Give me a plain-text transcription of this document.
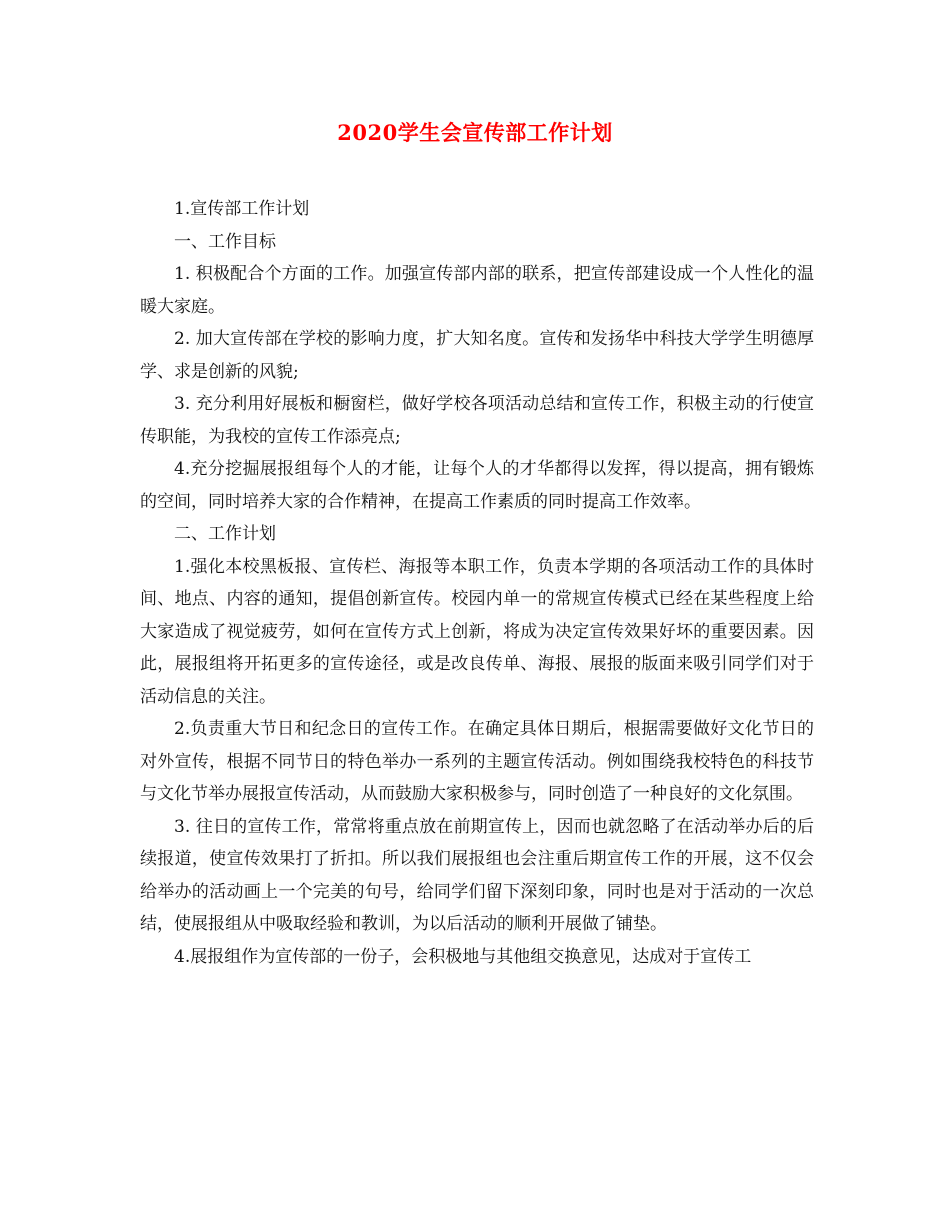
2020学生会宣传部工作计划

1.宣传部工作计划

一、工作目标

1. 积极配合个方面的工作。加强宣传部内部的联系，把宣传部建设成一个人性化的温暖大家庭。

2. 加大宣传部在学校的影响力度，扩大知名度。宣传和发扬华中科技大学学生明德厚学、求是创新的风貌;

3. 充分利用好展板和橱窗栏，做好学校各项活动总结和宣传工作，积极主动的行使宣传职能，为我校的宣传工作添亮点;

4.充分挖掘展报组每个人的才能，让每个人的才华都得以发挥，得以提高，拥有锻炼的空间，同时培养大家的合作精神，在提高工作素质的同时提高工作效率。

二、工作计划

1.强化本校黑板报、宣传栏、海报等本职工作，负责本学期的各项活动工作的具体时间、地点、内容的通知，提倡创新宣传。校园内单一的常规宣传模式已经在某些程度上给大家造成了视觉疲劳，如何在宣传方式上创新，将成为决定宣传效果好坏的重要因素。因此，展报组将开拓更多的宣传途径，或是改良传单、海报、展报的版面来吸引同学们对于活动信息的关注。

2.负责重大节日和纪念日的宣传工作。在确定具体日期后，根据需要做好文化节日的对外宣传，根据不同节日的特色举办一系列的主题宣传活动。例如围绕我校特色的科技节与文化节举办展报宣传活动，从而鼓励大家积极参与，同时创造了一种良好的文化氛围。

3. 往日的宣传工作，常常将重点放在前期宣传上，因而也就忽略了在活动举办后的后续报道，使宣传效果打了折扣。所以我们展报组也会注重后期宣传工作的开展，这不仅会给举办的活动画上一个完美的句号，给同学们留下深刻印象，同时也是对于活动的一次总结，使展报组从中吸取经验和教训，为以后活动的顺利开展做了铺垫。

4.展报组作为宣传部的一份子，会积极地与其他组交换意见，达成对于宣传工
